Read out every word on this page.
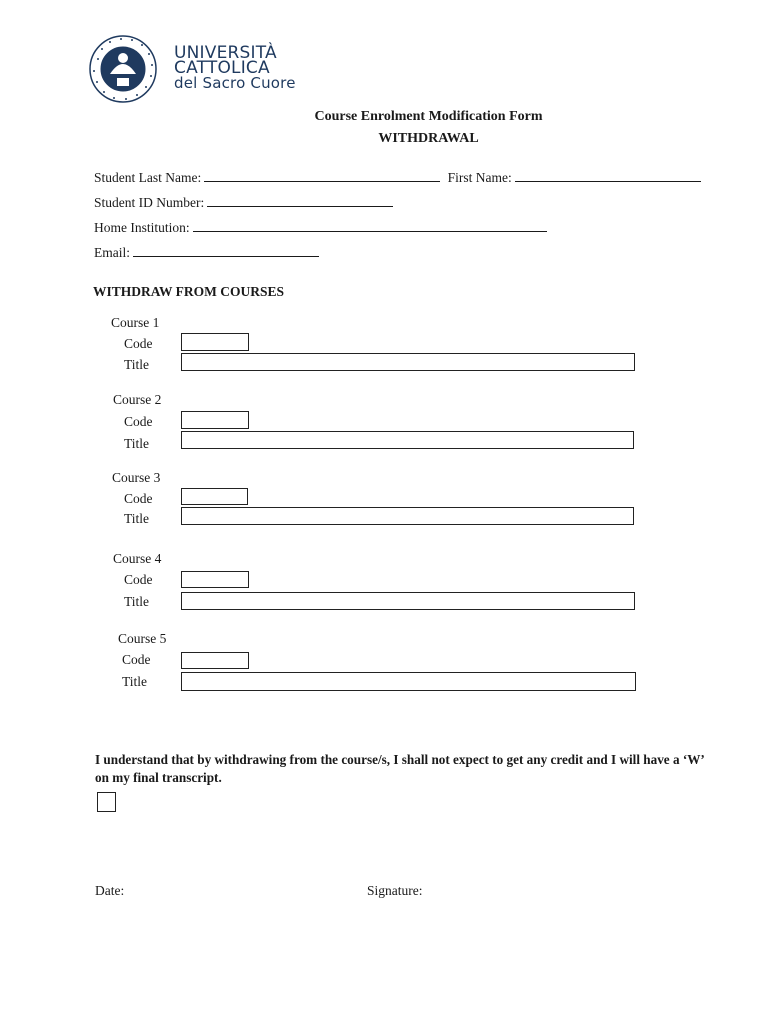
UNIVERSITÀ
CATTOLICA
del Sacro Cuore
Course Enrolment Modification Form
WITHDRAWAL
Student Last Name:	First Name:
Student ID Number:
Home Institution:
Email:
WITHDRAW FROM COURSES
Course 1
Code
Title
Course 2
Code
Title
Course 3
Code
Title
Course 4
Code
Title
Course 5
Code
Title
I understand that by withdrawing from the course/s, I shall not expect to get any credit and I will have a ‘W’ on my final transcript.
Date:	Signature:
